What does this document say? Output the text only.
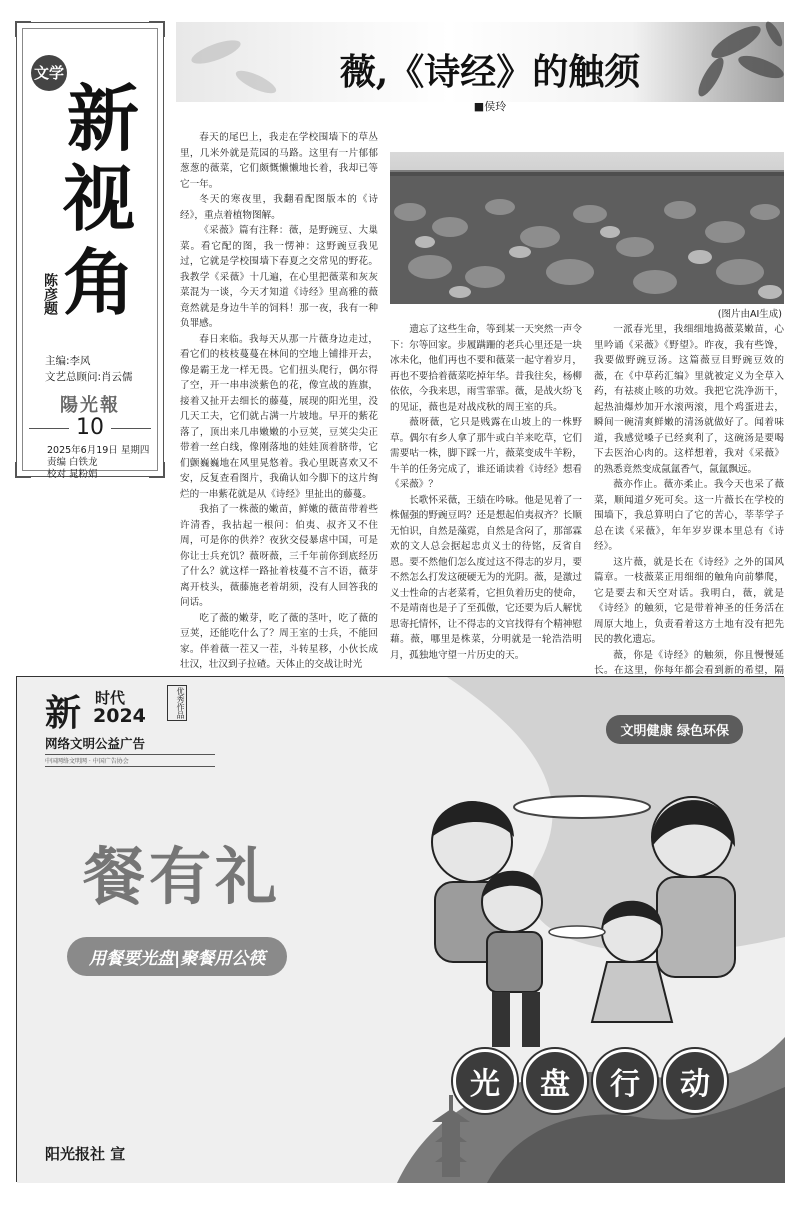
文学
新
视
角
陈彦题
主编:李风
文艺总顾问:肖云儒
陽光報
10
2025年6月19日 星期四
责编 白铁龙
校对 晁粉娟
薇,《诗经》的触须
■侯玲
(图片由AI生成)

春天的尾巴上，我走在学校围墙下的草丛里，几米外就是荒园的马路。这里有一片郁郁葱葱的薇菜，它们颇慨懒懒地长着，我却已等它一年。

冬天的寒夜里，我翻看配图版本的《诗经》，重点着植物图解。

《采薇》篇有注释：薇，是野豌豆、大巢菜。看它配的图，我一愣神：这野豌豆我见过，它就是学校围墙下春夏之交常见的野花。我教学《采薇》十几遍，在心里把薇菜和灰灰菜混为一谈，今天才知道《诗经》里高雅的薇竟然就是身边牛羊的饲料！那一夜，我有一种负罪感。

春日来临。我每天从那一片薇身边走过，看它们的枝枝蔓蔓在林间的空地上铺排开去，像是霸王龙一样无畏。它们扭头爬行，偶尔得了空，开一串串淡紫色的花，像宣战的旌旗，接着又扯开去细长的藤蔓，展现的阳光里，没几天工夫，它们就占满一片坡地。早开的紫花落了，顶出来几串嫩嫩的小豆荚，豆荚尖尖正带着一丝白线，像刚落地的娃娃顶着脐带，它们颤巍巍地在风里晃悠着。我心里既喜欢又不安，反复查看图片，我确认如今脚下的这片绚烂的一串紫花就是从《诗经》里扯出的藤蔓。

我掐了一株薇的嫩苗，鲜嫩的薇苗带着些许清香，我拈起一根问：伯夷、叔齐又不住周，可是你的供养？夜狄交侵暴虐中国，可是你让士兵充饥？薇呀薇，三千年前你到底经历了什么？就这样一路扯着枝蔓不言不语，薇芽离开枝头，薇藤施老着胡须，没有人回答我的问话。

吃了薇的嫩芽，吃了薇的茎叶，吃了薇的豆荚，还能吃什么了？周王室的士兵，不能回家。伴着薇一茬又一茬，斗转星移，小伙长成壮汉，壮汉到子拉碴。天体止的交战让时光

遗忘了这些生命，等到某一天突然一声令下：尔等回家。步履蹒跚的老兵心里还是一块冰未化，他们再也不要和薇菜一起守着岁月，再也不要拾着薇菜吃掉年华。昔我往矣，杨柳依依，今我来思，雨雪霏霏。薇，是战火纷飞的见证，薇也是对战戍秋的周王室的兵。

薇呀薇，它只是贱露在山坡上的一株野草。偶尔有乡人拿了那牛或白羊来吃草，它们需要咕一株，脚下踩一片，薇菜变成牛羊粉，牛羊的任务完成了，谁还诵读着《诗经》想看《采薇》？

长歌怀采薇，王绩在吟咏。他是见着了一株倔强的野豌豆吗？还是想起伯夷叔齐？长顺无怕识，自然是藻霓，自然是含闷了，那部霖欢的文人总会据起忠贞义士的待铭，反省自恩。要不然他们怎么度过这不得志的岁月，要不然怎么打发这硬硬无为的光阴。薇，是激过义士性命的古老菜肴，它担负着历史的使命，不是靖南也是子了至孤傲，它还要为后人解忧思寄托情怀，让不得志的文官找得有个精神慰藉。薇，哪里是株菜，分明就是一轮浩浩明月，孤独地守望一片历史的天。

一派春光里，我细细地捣薇菜嫩苗，心里吟诵《采薇》《野望》。昨夜，我有些馋，我要做野豌豆汤。这篇薇豆目野豌豆效的薇，在《中草药汇编》里就被定义为全草入药，有祛痰止咳的功效。我把它洗净沥干，起热油爆炒加开水滚两滚，甩个鸡蛋进去，瞬间一碗清爽鲜嫩的清汤就做好了。闻着味道，我感觉嗓子已经爽利了，这碗汤是要喝下去医治心肉的。这样想着，我对《采薇》的熟悉竟然变成氤氲香气，氤氲飘远。

薇亦作止。薇亦柔止。我今天也采了薇菜，顺闻道夕死可矣。这一片薇长在学校的围墙下，我总算明白了它的苦心，莘莘学子总在读《采薇》，年年岁岁课本里总有《诗经》。

这片薇，就是长在《诗经》之外的国风篇章。一枝薇菜正用细细的触角向前攀爬，它是要去和天空对话。我明白，薇，就是《诗经》的触须，它是带着神圣的任务活在周原大地上，负责看着这方土地有没有把先民的教化遗忘。

薇，你是《诗经》的触须，你且慢慢延长。在这里，你每年都会看到新的希望，隔

新 时代
2024	优秀作品
网络文明公益广告
中国网络文明网 · 中国广告协会
文明健康 绿色环保
餐有礼
用餐要光盘|聚餐用公筷
光	盘	行	动
阳光报社 宣
